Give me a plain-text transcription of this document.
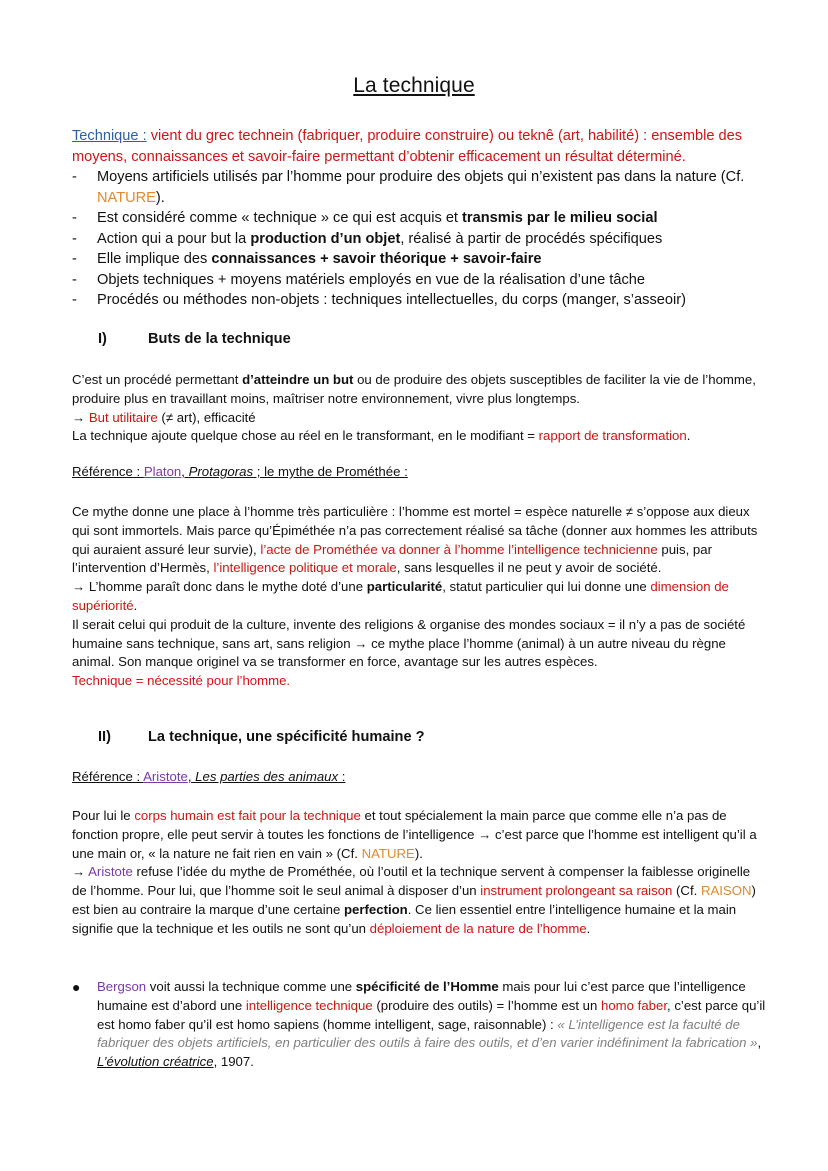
La technique
Technique : vient du grec technein (fabriquer, produire construire) ou teknê (art, habilité) : ensemble des moyens, connaissances et savoir-faire permettant d’obtenir efficacement un résultat déterminé.
- Moyens artificiels utilisés par l’homme pour produire des objets qui n’existent pas dans la nature (Cf. NATURE).
- Est considéré comme « technique » ce qui est acquis et transmis par le milieu social
- Action qui a pour but la production d’un objet, réalisé à partir de procédés spécifiques
- Elle implique des connaissances + savoir théorique + savoir-faire
- Objets techniques + moyens matériels employés en vue de la réalisation d’une tâche
- Procédés ou méthodes non-objets : techniques intellectuelles, du corps (manger, s’asseoir)
I)	Buts de la technique
C’est un procédé permettant d’atteindre un but ou de produire des objets susceptibles de faciliter la vie de l’homme, produire plus en travaillant moins, maîtriser notre environnement, vivre plus longtemps.
→ But utilitaire (≠ art), efficacité
La technique ajoute quelque chose au réel en le transformant, en le modifiant = rapport de transformation.
Référence : Platon, Protagoras ; le mythe de Prométhée :
Ce mythe donne une place à l’homme très particulière : l’homme est mortel = espèce naturelle ≠ s’oppose aux dieux qui sont immortels. Mais parce qu’Épiméthée n’a pas correctement réalisé sa tâche (donner aux hommes les attributs qui auraient assuré leur survie), l’acte de Prométhée va donner à l’homme l’intelligence technicienne puis, par l’intervention d’Hermès, l’intelligence politique et morale, sans lesquelles il ne peut y avoir de société.
→ L’homme paraît donc dans le mythe doté d’une particularité, statut particulier qui lui donne une dimension de supériorité.
Il serait celui qui produit de la culture, invente des religions & organise des mondes sociaux = il n’y a pas de société humaine sans technique, sans art, sans religion → ce mythe place l’homme (animal) à un autre niveau du règne animal. Son manque originel va se transformer en force, avantage sur les autres espèces.
Technique = nécessité pour l’homme.
II)	La technique, une spécificité humaine ?
Référence : Aristote, Les parties des animaux :
Pour lui le corps humain est fait pour la technique et tout spécialement la main parce que comme elle n’a pas de fonction propre, elle peut servir à toutes les fonctions de l’intelligence → c’est parce que l’homme est intelligent qu’il a une main or, « la nature ne fait rien en vain » (Cf. NATURE).
→ Aristote refuse l’idée du mythe de Prométhée, où l’outil et la technique servent à compenser la faiblesse originelle de l’homme. Pour lui, que l’homme soit le seul animal à disposer d’un instrument prolongeant sa raison (Cf. RAISON) est bien au contraire la marque d’une certaine perfection. Ce lien essentiel entre l’intelligence humaine et la main signifie que la technique et les outils ne sont qu’un déploiement de la nature de l’homme.
● Bergson voit aussi la technique comme une spécificité de l’Homme mais pour lui c’est parce que l’intelligence humaine est d’abord une intelligence technique (produire des outils) = l’homme est un homo faber, c’est parce qu’il est homo faber qu’il est homo sapiens (homme intelligent, sage, raisonnable) : « L’intelligence est la faculté de fabriquer des objets artificiels, en particulier des outils à faire des outils, et d’en varier indéfiniment la fabrication », L’évolution créatrice, 1907.
